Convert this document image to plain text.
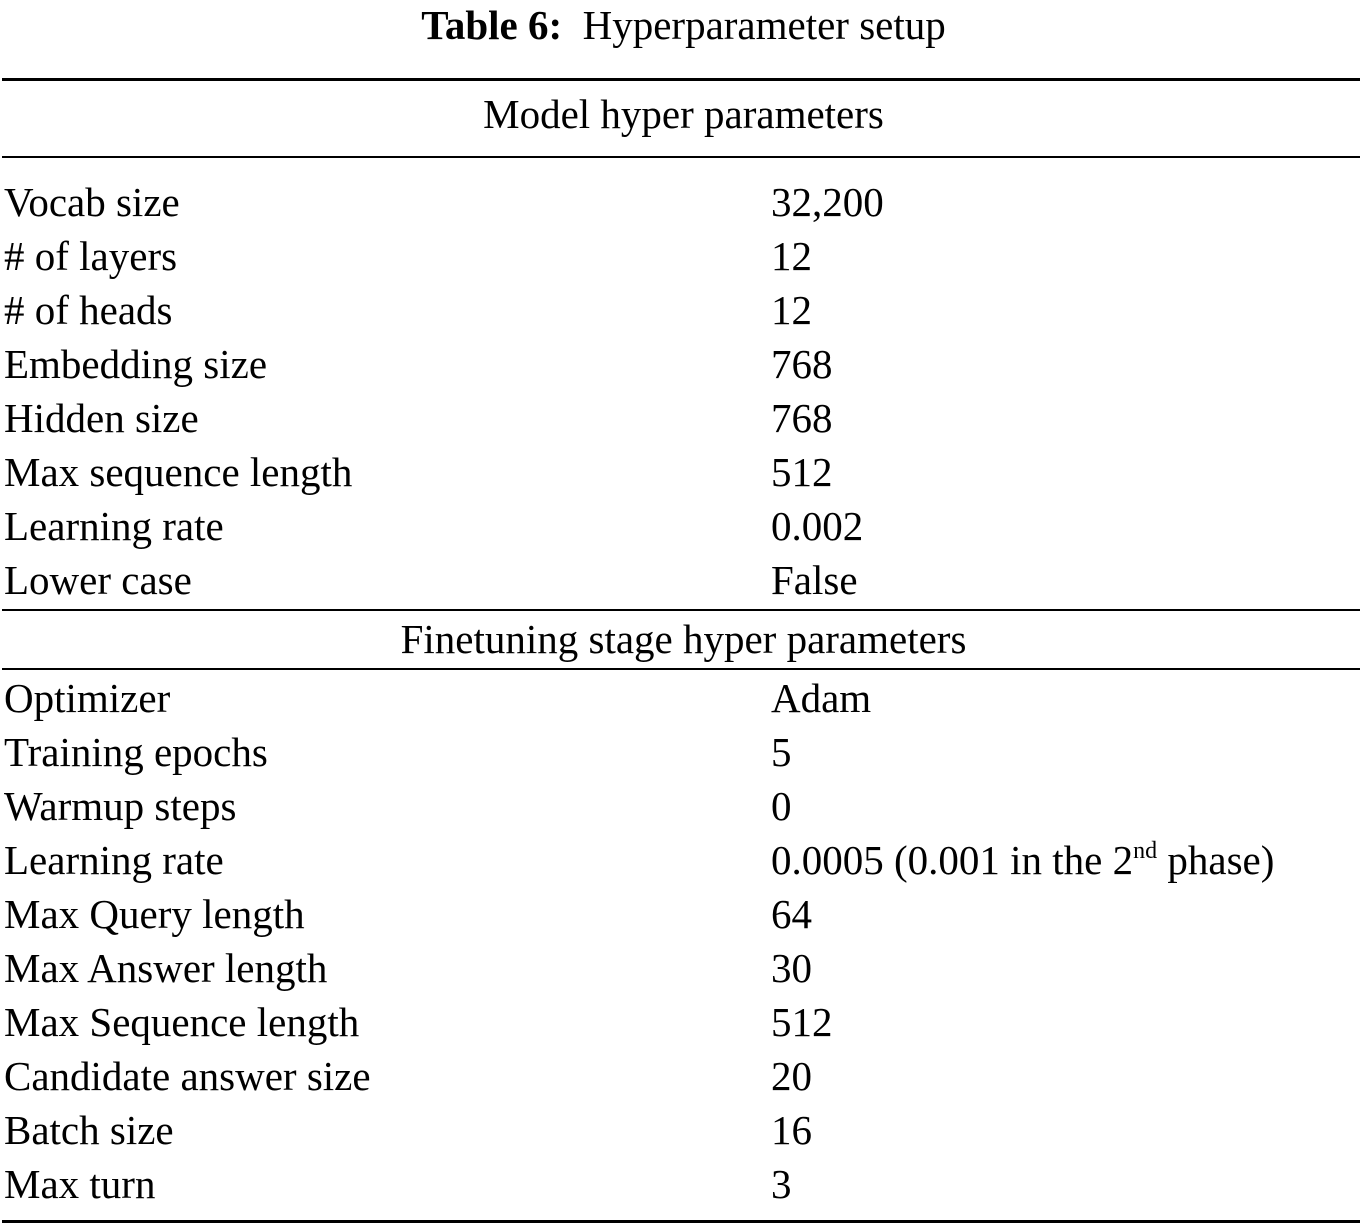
Table 6: Hyperparameter setup
Model hyper parameters
Vocab size	32,200
# of layers	12
# of heads	12
Embedding size	768
Hidden size	768
Max sequence length	512
Learning rate	0.002
Lower case	False
Finetuning stage hyper parameters
Optimizer	Adam
Training epochs	5
Warmup steps	0
Learning rate	0.0005 (0.001 in the 2nd phase)
Max Query length	64
Max Answer length	30
Max Sequence length	512
Candidate answer size	20
Batch size	16
Max turn	3
